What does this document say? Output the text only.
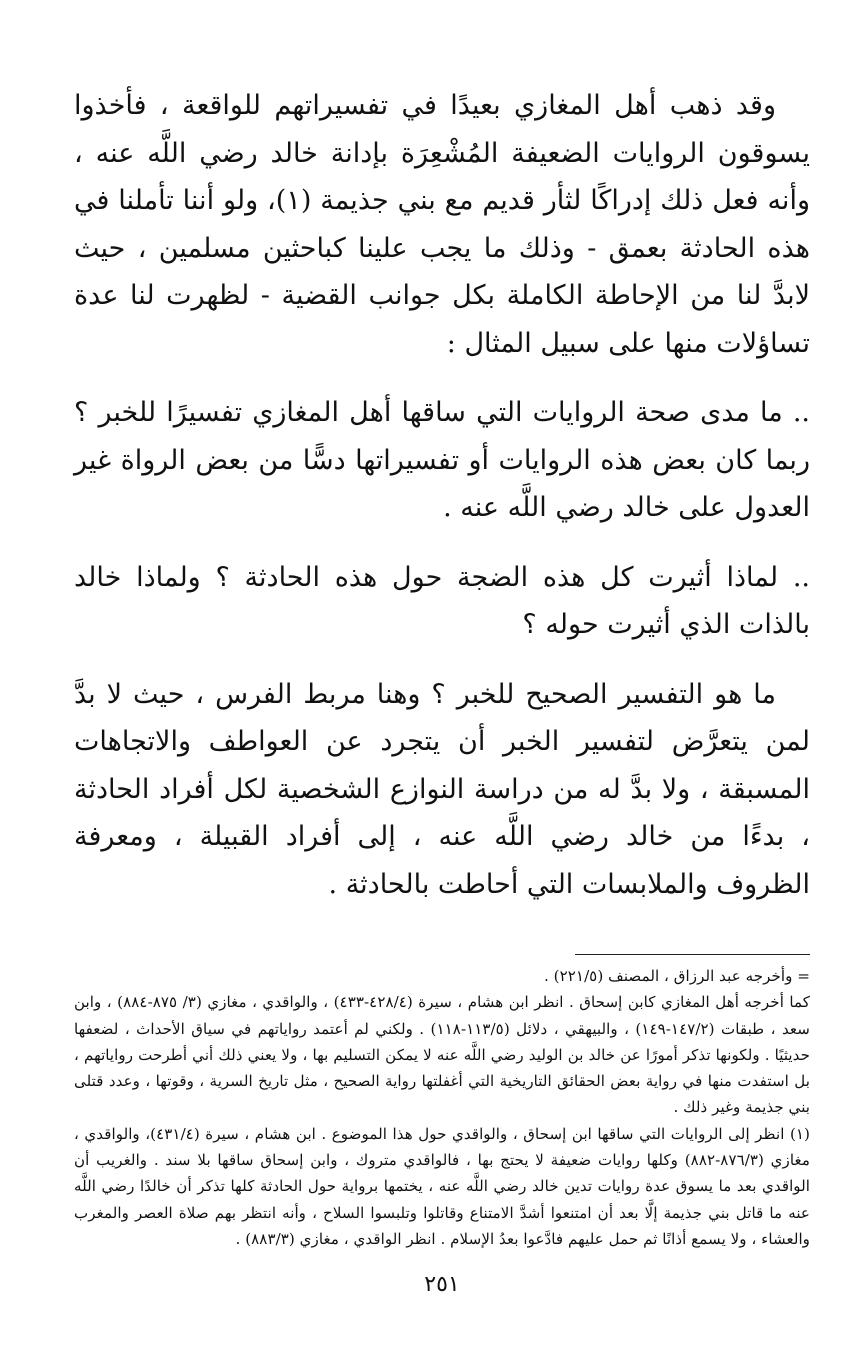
وقد ذهب أهل المغازي بعيدًا في تفسيراتهم للواقعة ، فأخذوا يسوقون الروايات الضعيفة المُشْعِرَة بإدانة خالد رضي اللَّه عنه ، وأنه فعل ذلك إدراكًا لثأر قديم مع بني جذيمة (١)، ولو أننا تأملنا في هذه الحادثة بعمق - وذلك ما يجب علينا كباحثين مسلمين ، حيث لابدَّ لنا من الإحاطة الكاملة بكل جوانب القضية - لظهرت لنا عدة تساؤلات منها على سبيل المثال :

.. ما مدى صحة الروايات التي ساقها أهل المغازي تفسيرًا للخبر ؟ ربما كان بعض هذه الروايات أو تفسيراتها دسًّا من بعض الرواة غير العدول على خالد رضي اللَّه عنه .

.. لماذا أثيرت كل هذه الضجة حول هذه الحادثة ؟ ولماذا خالد بالذات الذي أثيرت حوله ؟

ما هو التفسير الصحيح للخبر ؟ وهنا مربط الفرس ، حيث لا بدَّ لمن يتعرَّض لتفسير الخبر أن يتجرد عن العواطف والاتجاهات المسبقة ، ولا بدَّ له من دراسة النوازع الشخصية لكل أفراد الحادثة ، بدءًا من خالد رضي اللَّه عنه ، إلى أفراد القبيلة ، ومعرفة الظروف والملابسات التي أحاطت بالحادثة .

= وأخرجه عبد الرزاق ، المصنف (٢٢١/٥) .

كما أخرجه أهل المغازي كابن إسحاق . انظر ابن هشام ، سيرة (٤٢٨/٤-٤٣٣) ، والواقدي ، مغازي (٣/ ٨٧٥-٨٨٤) ، وابن سعد ، طبقات (١٤٧/٢-١٤٩) ، والبيهقي ، دلائل (١١٣/٥-١١٨) . ولكني لم أعتمد رواياتهم في سياق الأحداث ، لضعفها حديثيًا . ولكونها تذكر أمورًا عن خالد بن الوليد رضي اللَّه عنه لا يمكن التسليم بها ، ولا يعني ذلك أني أطرحت رواياتهم ، بل استفدت منها في رواية بعض الحقائق التاريخية التي أغفلتها رواية الصحيح ، مثل تاريخ السرية ، وقوتها ، وعدد قتلى بني جذيمة وغير ذلك .

(١) انظر إلى الروايات التي ساقها ابن إسحاق ، والواقدي حول هذا الموضوع . ابن هشام ، سيرة (٤٣١/٤)، والواقدي ، مغازي (٨٧٦/٣-٨٨٢) وكلها روايات ضعيفة لا يحتج بها ، فالواقدي متروك ، وابن إسحاق ساقها بلا سند . والغريب أن الواقدي بعد ما يسوق عدة روايات تدين خالد رضي اللَّه عنه ، يختمها برواية حول الحادثة كلها تذكر أن خالدًا رضي اللَّه عنه ما قاتل بني جذيمة إلَّا بعد أن امتنعوا أشدَّ الامتناع وقاتلوا وتلبسوا السلاح ، وأنه انتظر بهم صلاة العصر والمغرب والعشاء ، ولا يسمع أذانًا ثم حمل عليهم فادَّعوا بعدُ الإسلام . انظر الواقدي ، مغازي (٨٨٣/٣) .

٢٥١
